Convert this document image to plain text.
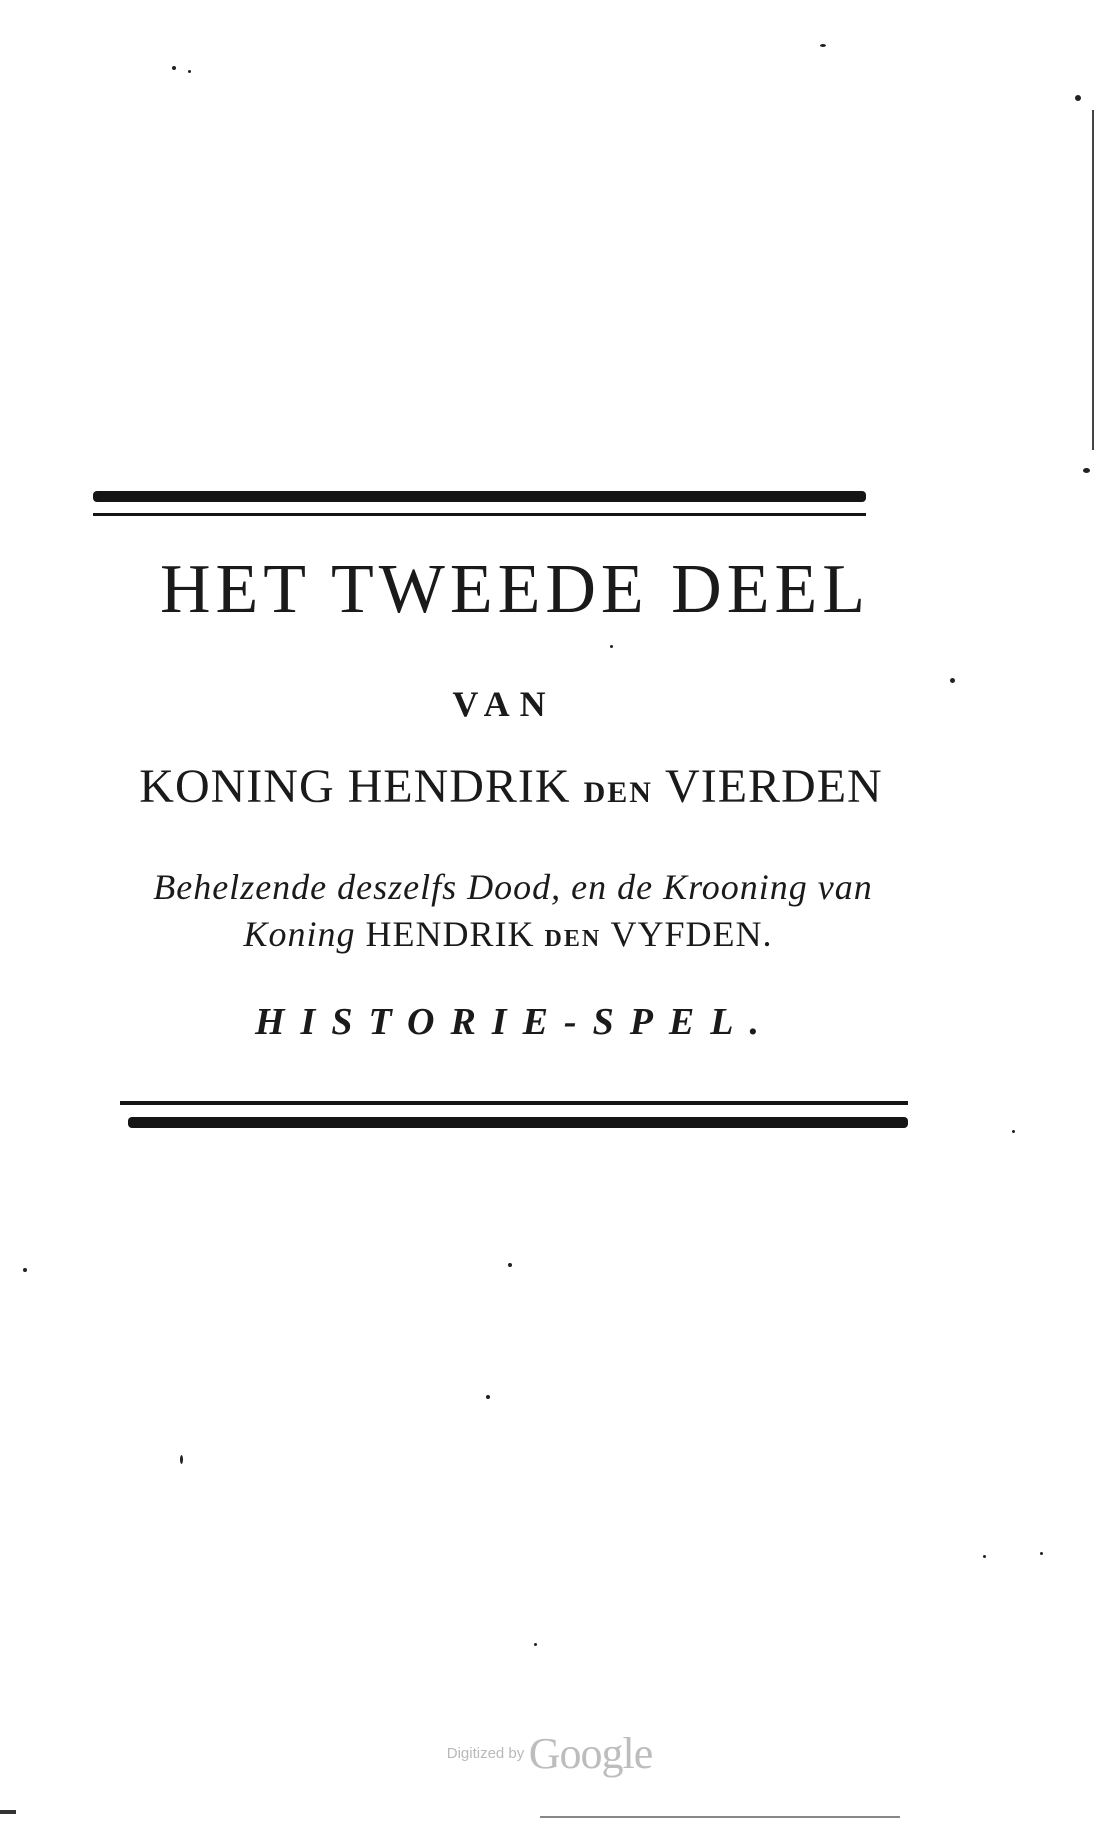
HET TWEEDE DEEL
VAN
KONING HENDRIK DEN VIERDEN
Behelzende deszelfs Dood, en de Krooning van
Koning HENDRIK DEN VYFDEN.
HISTORIE-SPEL.
Digitized by Google
